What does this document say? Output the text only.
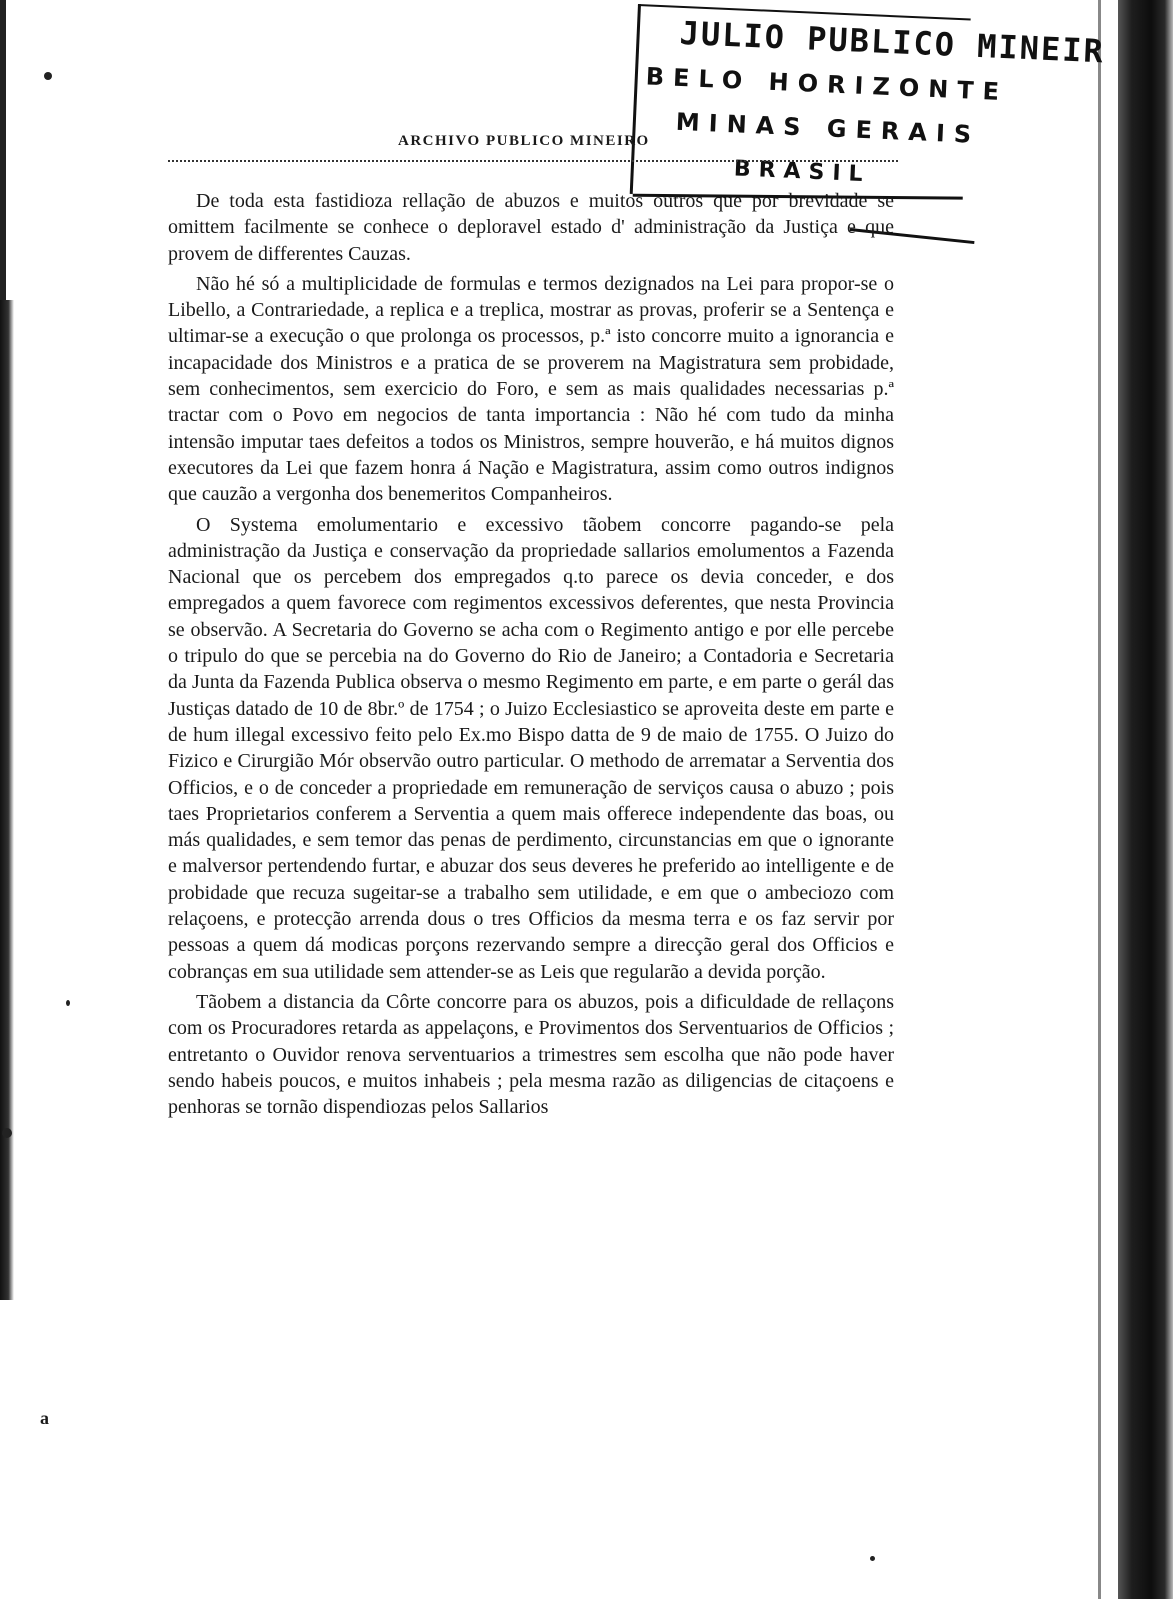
JULIO PUBLICO MINEIR
BELO HORIZONTE
MINAS GERAIS
BRASIL
ARCHIVO PUBLICO MINEIRO

De toda esta fastidioza rellação de abuzos e muitos outros que por brevidade se omittem facilmente se conhece o deploravel estado d' administração da Justiça e que provem de differentes Cauzas.

Não hé só a multiplicidade de formulas e termos dezignados na Lei para propor-se o Libello, a Contrariedade, a replica e a treplica, mostrar as provas, proferir se a Sentença e ultimar-se a execução o que prolonga os processos, p.ª isto concorre muito a ignorancia e incapacidade dos Ministros e a pratica de se proverem na Magistratura sem probidade, sem conhecimentos, sem exercicio do Foro, e sem as mais qualidades necessarias p.ª tractar com o Povo em negocios de tanta importancia : Não hé com tudo da minha intensão imputar taes defeitos a todos os Ministros, sempre houverão, e há muitos dignos executores da Lei que fazem honra á Nação e Magistratura, assim como outros indignos que cauzão a vergonha dos benemeritos Companheiros.

O Systema emolumentario e excessivo tãobem concorre pagando-se pela administração da Justiça e conservação da propriedade sallarios emolumentos a Fazenda Nacional que os percebem dos empregados q.to parece os devia conceder, e dos empregados a quem favorece com regimentos excessivos deferentes, que nesta Provincia se observão. A Secretaria do Governo se acha com o Regimento antigo e por elle percebe o tripulo do que se percebia na do Governo do Rio de Janeiro; a Contadoria e Secretaria da Junta da Fazenda Publica observa o mesmo Regimento em parte, e em parte o gerál das Justiças datado de 10 de 8br.º de 1754 ; o Juizo Ecclesiastico se aproveita deste em parte e de hum illegal excessivo feito pelo Ex.mo Bispo datta de 9 de maio de 1755. O Juizo do Fizico e Cirurgião Mór observão outro particular. O methodo de arrematar a Serventia dos Officios, e o de conceder a propriedade em remuneração de serviços causa o abuzo ; pois taes Proprietarios conferem a Serventia a quem mais offerece independente das boas, ou más qualidades, e sem temor das penas de perdimento, circunstancias em que o ignorante e malversor pertendendo furtar, e abuzar dos seus deveres he preferido ao intelligente e de probidade que recuza sugeitar-se a trabalho sem utilidade, e em que o ambeciozo com relaçoens, e protecção arrenda dous o tres Officios da mesma terra e os faz servir por pessoas a quem dá modicas porçons rezervando sempre a direcção geral dos Officios e cobranças em sua utilidade sem attender-se as Leis que regularão a devida porção.

Tãobem a distancia da Côrte concorre para os abuzos, pois a dificuldade de rellaçons com os Procuradores retarda as appelaçons, e Provimentos dos Serventuarios de Officios ; entretanto o Ouvidor renova serventuarios a trimestres sem escolha que não pode haver sendo habeis poucos, e muitos inhabeis ; pela mesma razão as diligencias de citaçoens e penhoras se tornão dispendiozas pelos Sallarios

a
